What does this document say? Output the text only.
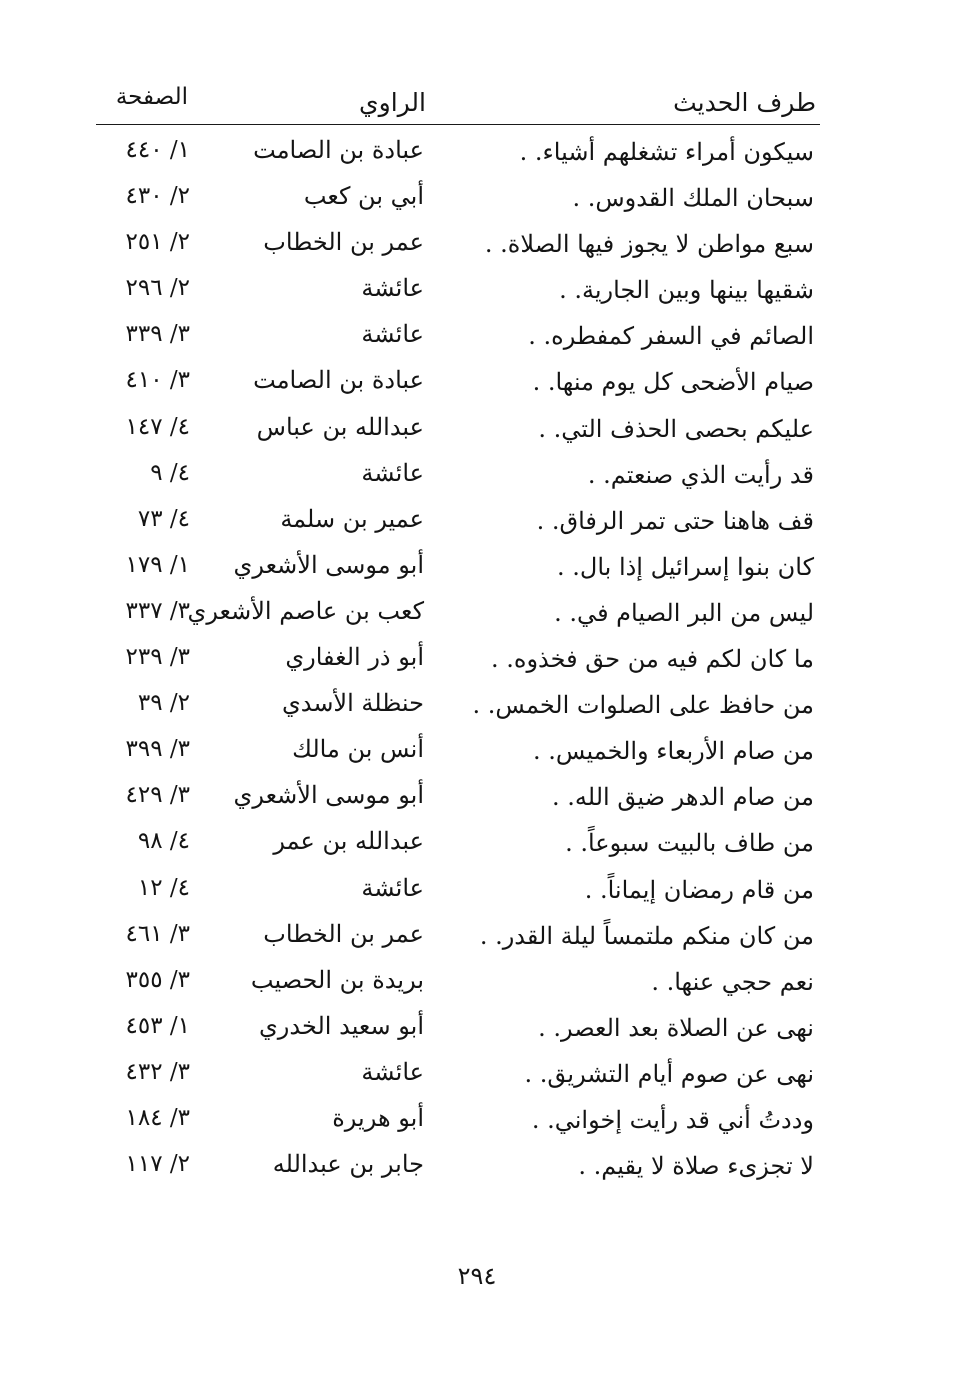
طرف الحديث
الراوي
الصفحة
سيكون أمراء تشغلهم أشياء. .
عبادة بن الصامت
١/ ٤٤٠
سبحان الملك القدوس. .
أبي بن كعب
٢/ ٤٣٠
سبع مواطن لا يجوز فيها الصلاة. .
عمر بن الخطاب
٢/ ٢٥١
شقيها بينها وبين الجارية. .
عائشة
٢/ ٢٩٦
الصائم في السفر كمفطره. .
عائشة
٣/ ٣٣٩
صيام الأضحى كل يوم منها. .
عبادة بن الصامت
٣/ ٤١٠
عليكم بحصى الحذف التي. .
عبدالله بن عباس
٤/ ١٤٧
قد رأيت الذي صنعتم. .
عائشة
٤/ ٩
قف هاهنا حتى تمر الرفاق. .
عمير بن سلمة
٤/ ٧٣
كان بنوا إسرائيل إذا بال. .
أبو موسى الأشعري
١/ ١٧٩
ليس من البر الصيام في. .
كعب بن عاصم الأشعري
٣/ ٣٣٧
ما كان لكم فيه من حق فخذوه. .
أبو ذر الغفاري
٣/ ٢٣٩
من حافظ على الصلوات الخمس. .
حنظلة الأسدي
٢/ ٣٩
من صام الأربعاء والخميس. .
أنس بن مالك
٣/ ٣٩٩
من صام الدهر ضيق الله. .
أبو موسى الأشعري
٣/ ٤٢٩
من طاف بالبيت سبوعاً. .
عبدالله بن عمر
٤/ ٩٨
من قام رمضان إيماناً. .
عائشة
٤/ ١٢
من كان منكم ملتمساً ليلة القدر. .
عمر بن الخطاب
٣/ ٤٦١
نعم حجي عنها. .
بريدة بن الحصيب
٣/ ٣٥٥
نهى عن الصلاة بعد العصر. .
أبو سعيد الخدري
١/ ٤٥٣
نهى عن صوم أيام التشريق. .
عائشة
٣/ ٤٣٢
وددتُ أني قد رأيت إخواني. .
أبو هريرة
٣/ ١٨٤
لا تجزىء صلاة لا يقيم. .
جابر بن عبدالله
٢/ ١١٧
٢٩٤
